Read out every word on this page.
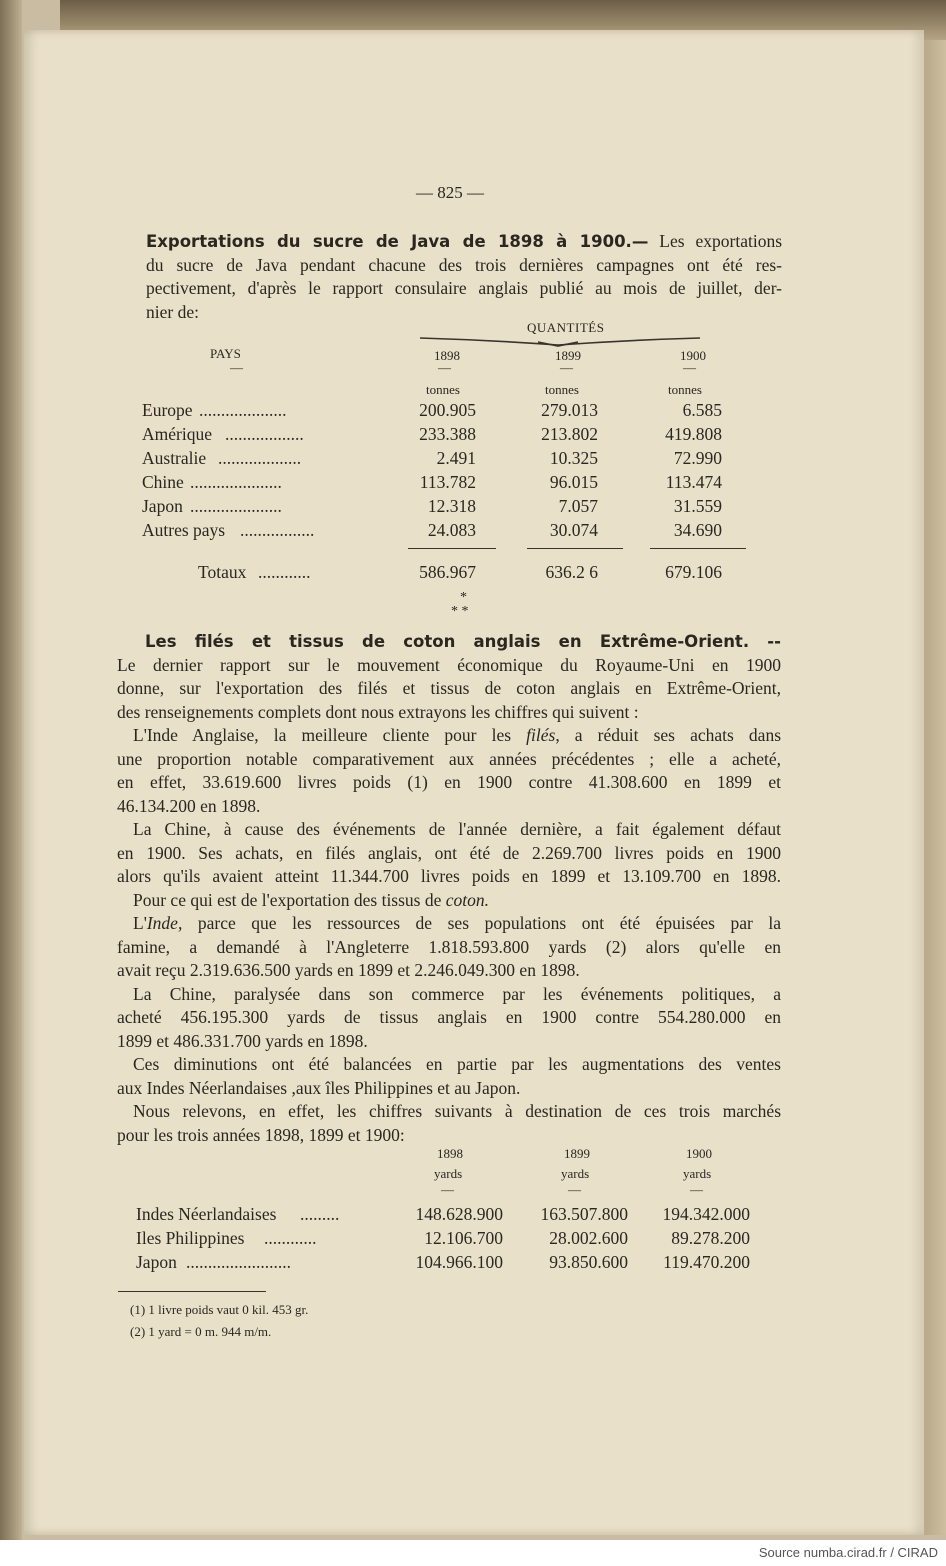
— 825 —
Exportations du sucre de Java de 1898 à 1900.— Les exportations
du sucre de Java pendant chacune des trois dernières campagnes ont été res-
pectivement, d'après le rapport consulaire anglais publié au mois de juillet, der-
nier de:
QUANTITÉS
PAYS	1898	1899	1900
—	—	—	—
tonnes	tonnes	tonnes
Europe ....................	200.905	279.013	6.585
Amérique ..................	233.388	213.802	419.808
Australie ...................	2.491	10.325	72.990
Chine .....................	113.782	96.015	113.474
Japon .....................	12.318	7.057	31.559
Autres pays .................	24.083	30.074	34.690
Totaux ............	586.967	636.2 6	679.106
*
* *
Les filés et tissus de coton anglais en Extrême-Orient. --
Le dernier rapport sur le mouvement économique du Royaume-Uni en 1900
donne, sur l'exportation des filés et tissus de coton anglais en Extrême-Orient,
des renseignements complets dont nous extrayons les chiffres qui suivent :
L'Inde Anglaise, la meilleure cliente pour les filés, a réduit ses achats dans
une proportion notable comparativement aux années précédentes ; elle a acheté,
en effet, 33.619.600 livres poids (1) en 1900 contre 41.308.600 en 1899 et
46.134.200 en 1898.
La Chine, à cause des événements de l'année dernière, a fait également défaut
en 1900. Ses achats, en filés anglais, ont été de 2.269.700 livres poids en 1900
alors qu'ils avaient atteint 11.344.700 livres poids en 1899 et 13.109.700 en 1898.
Pour ce qui est de l'exportation des tissus de coton.
L'Inde, parce que les ressources de ses populations ont été épuisées par la
famine, a demandé à l'Angleterre 1.818.593.800 yards (2) alors qu'elle en
avait reçu 2.319.636.500 yards en 1899 et 2.246.049.300 en 1898.
La Chine, paralysée dans son commerce par les événements politiques, a
acheté 456.195.300 yards de tissus anglais en 1900 contre 554.280.000 en
1899 et 486.331.700 yards en 1898.
Ces diminutions ont été balancées en partie par les augmentations des ventes
aux Indes Néerlandaises ,aux îles Philippines et au Japon.
Nous relevons, en effet, les chiffres suivants à destination de ces trois marchés
pour les trois années 1898, 1899 et 1900:
1898	1899	1900
yards	yards	yards
—	—	—
Indes Néerlandaises .........	148.628.900	163.507.800	194.342.000
Iles Philippines ............	12.106.700	28.002.600	89.278.200
Japon ........................	104.966.100	93.850.600	119.470.200
(1) 1 livre poids vaut 0 kil. 453 gr.
(2) 1 yard = 0 m. 944 m/m.
Source numba.cirad.fr / CIRAD
